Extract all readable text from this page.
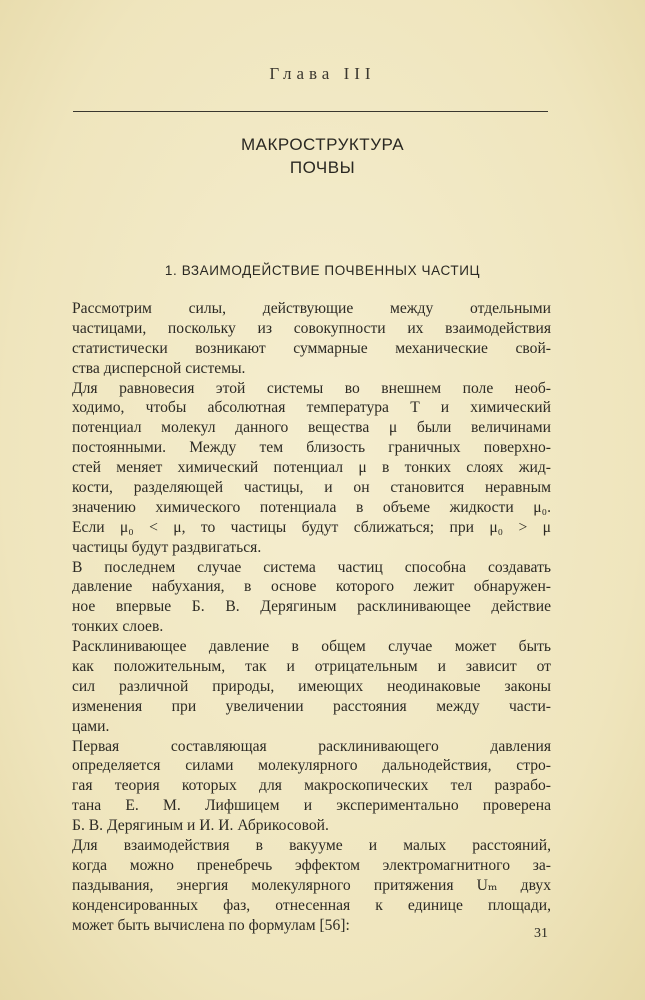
Глава III
МАКРОСТРУКТУРА
ПОЧВЫ
1. ВЗАИМОДЕЙСТВИЕ ПОЧВЕННЫХ ЧАСТИЦ
Рассмотрим силы, действующие между отдельными
частицами, поскольку из совокупности их взаимодействия
статистически возникают суммарные механические свой-
ства дисперсной системы.
Для равновесия этой системы во внешнем поле необ-
ходимо, чтобы абсолютная температура T и химический
потенциал молекул данного вещества μ были величинами
постоянными. Между тем близость граничных поверхно-
стей меняет химический потенциал μ в тонких слоях жид-
кости, разделяющей частицы, и он становится неравным
значению химического потенциала в объеме жидкости μ₀.
Если μ₀ < μ, то частицы будут сближаться; при μ₀ > μ
частицы будут раздвигаться.
В последнем случае система частиц способна создавать
давление набухания, в основе которого лежит обнаружен-
ное впервые Б. В. Дерягиным расклинивающее действие
тонких слоев.
Расклинивающее давление в общем случае может быть
как положительным, так и отрицательным и зависит от
сил различной природы, имеющих неодинаковые законы
изменения при увеличении расстояния между части-
цами.
Первая составляющая расклинивающего давления
определяется силами молекулярного дальнодействия, стро-
гая теория которых для макроскопических тел разрабо-
тана Е. М. Лифшицем и экспериментально проверена
Б. В. Дерягиным и И. И. Абрикосовой.
Для взаимодействия в вакууме и малых расстояний,
когда можно пренебречь эффектом электромагнитного за-
паздывания, энергия молекулярного притяжения Uₘ двух
конденсированных фаз, отнесенная к единице площади,
может быть вычислена по формулам [56]:	31
